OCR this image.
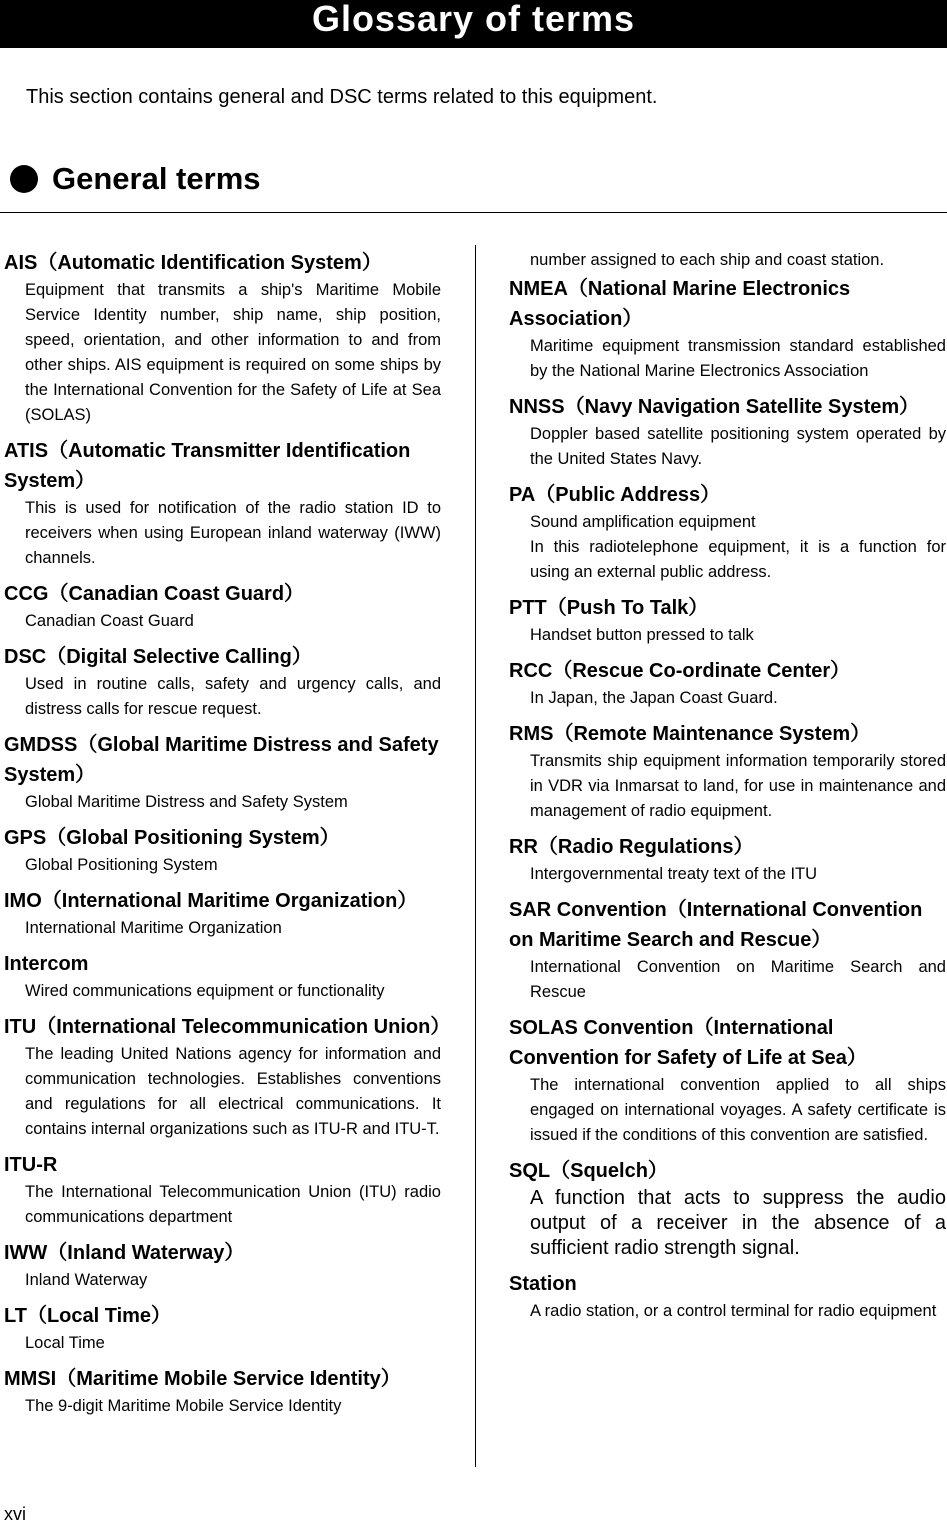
Glossary of terms

This section contains general and DSC terms related to this equipment.

General terms

AIS（Automatic Identification System）

Equipment that transmits a ship's Maritime Mobile Service Identity number, ship name, ship position, speed, orientation, and other information to and from other ships. AIS equipment is required on some ships by the International Convention for the Safety of Life at Sea (SOLAS)

ATIS（Automatic Transmitter Identification System）

This is used for notification of the radio station ID to receivers when using European inland waterway (IWW) channels.

CCG（Canadian Coast Guard）

Canadian Coast Guard

DSC（Digital Selective Calling）

Used in routine calls, safety and urgency calls, and distress calls for rescue request.

GMDSS（Global Maritime Distress and Safety System）

Global Maritime Distress and Safety System

GPS（Global Positioning System）

Global Positioning System

IMO（International Maritime Organization）

International Maritime Organization

Intercom

Wired communications equipment or functionality

ITU（International Telecommunication Union）

The leading United Nations agency for information and communication technologies. Establishes conventions and regulations for all electrical communications. It contains internal organizations such as ITU-R and ITU-T.

ITU-R

The International Telecommunication Union (ITU) radio communications department

IWW（Inland Waterway）

Inland Waterway

LT（Local Time）

Local Time

MMSI（Maritime Mobile Service Identity）

The 9-digit Maritime Mobile Service Identity

number assigned to each ship and coast station.

NMEA（National Marine Electronics Association）

Maritime equipment transmission standard established by the National Marine Electronics Association

NNSS（Navy Navigation Satellite System）

Doppler based satellite positioning system operated by the United States Navy.

PA（Public Address）

Sound amplification equipment

In this radiotelephone equipment, it is a function for using an external public address.

PTT（Push To Talk）

Handset button pressed to talk

RCC（Rescue Co-ordinate Center）

In Japan, the Japan Coast Guard.

RMS（Remote Maintenance System）

Transmits ship equipment information temporarily stored in VDR via Inmarsat to land, for use in maintenance and management of radio equipment.

RR（Radio Regulations）

Intergovernmental treaty text of the ITU

SAR Convention（International Convention on Maritime Search and Rescue）

International Convention on Maritime Search and Rescue

SOLAS Convention（International Convention for Safety of Life at Sea）

The international convention applied to all ships engaged on international voyages. A safety certificate is issued if the conditions of this convention are satisfied.

SQL（Squelch）

A function that acts to suppress the audio output of a receiver in the absence of a sufficient radio strength signal.

Station

A radio station, or a control terminal for radio equipment

xvi
